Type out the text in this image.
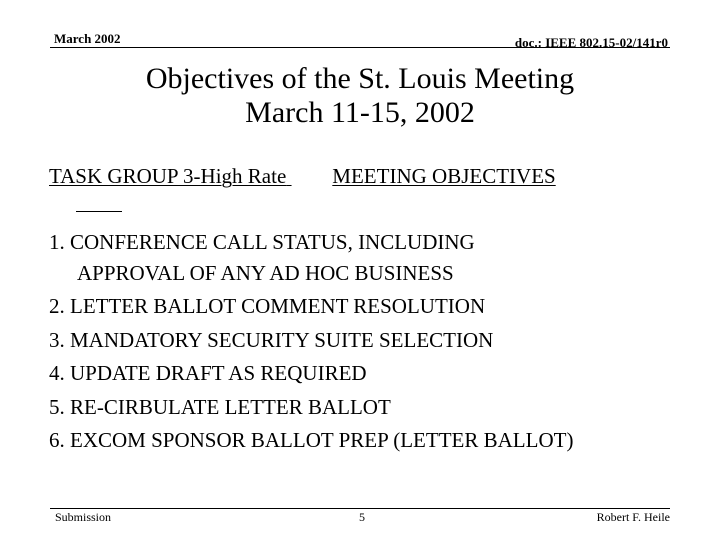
March 2002	doc.: IEEE 802.15-02/141r0
Objectives of the St. Louis Meeting
March 11-15, 2002
TASK GROUP 3-High Rate MEETING OBJECTIVES
1. CONFERENCE CALL STATUS, INCLUDING
APPROVAL OF ANY AD HOC BUSINESS
2. LETTER BALLOT COMMENT RESOLUTION
3. MANDATORY SECURITY SUITE SELECTION
4. UPDATE DRAFT AS REQUIRED
5. RE-CIRBULATE LETTER BALLOT
6. EXCOM SPONSOR BALLOT PREP (LETTER BALLOT)
Submission	5	Robert F. Heile
